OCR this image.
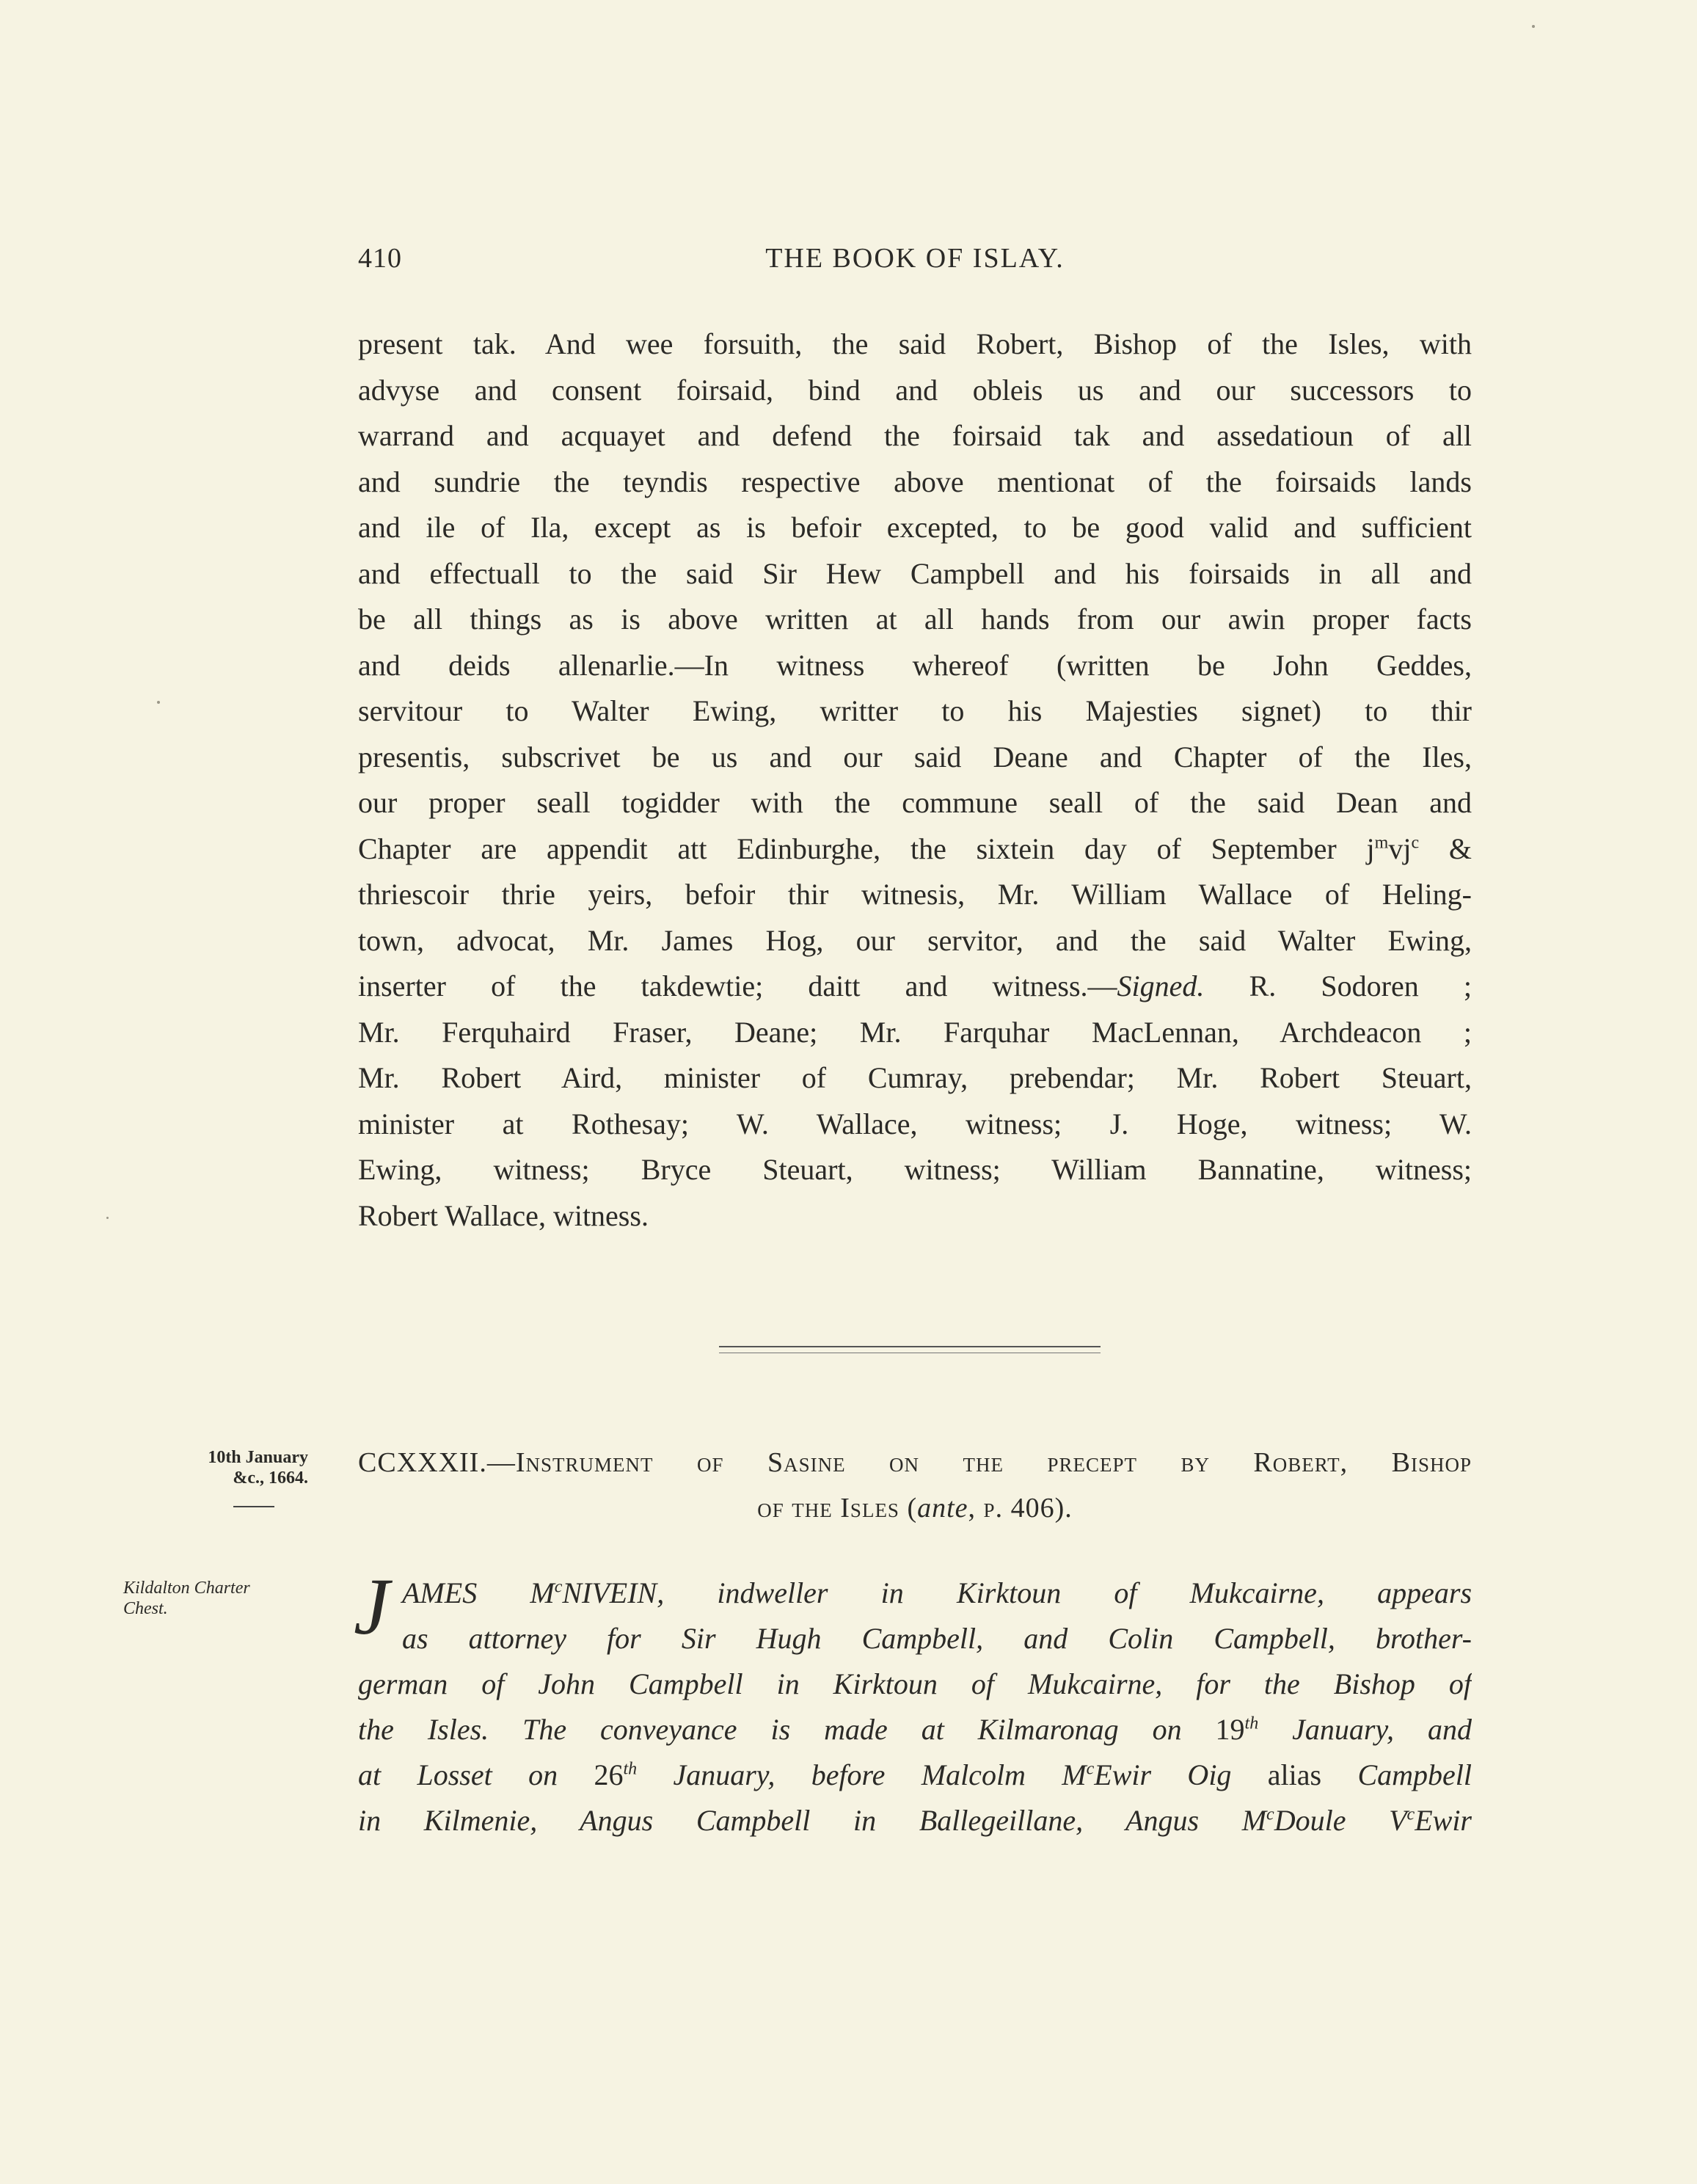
410	THE BOOK OF ISLAY.
present tak. And wee forsuith, the said Robert, Bishop of the Isles, with
advyse and consent foirsaid, bind and obleis us and our successors to
warrand and acquayet and defend the foirsaid tak and assedatioun of all
and sundrie the teyndis respective above mentionat of the foirsaids lands
and ile of Ila, except as is befoir excepted, to be good valid and sufficient
and effectuall to the said Sir Hew Campbell and his foirsaids in all and
be all things as is above written at all hands from our awin proper facts
and deids allenarlie.—In witness whereof (written be John Geddes,
servitour to Walter Ewing, writter to his Majesties signet) to thir
presentis, subscrivet be us and our said Deane and Chapter of the Iles,
our proper seall togidder with the commune seall of the said Dean and
Chapter are appendit att Edinburghe, the sixtein day of September $j^mvj^c$ &
thriescoir thrie yeirs, befoir thir witnesis, Mr. William Wallace of Heling-
town, advocat, Mr. James Hog, our servitor, and the said Walter Ewing,
inserter of the takdewtie; daitt and witness.—Signed. R. Sodoren ;
Mr. Ferquhaird Fraser, Deane; Mr. Farquhar MacLennan, Archdeacon ;
Mr. Robert Aird, minister of Cumray, prebendar; Mr. Robert Steuart,
minister at Rothesay; W. Wallace, witness; J. Hoge, witness; W.
Ewing, witness; Bryce Steuart, witness; William Bannatine, witness;
Robert Wallace, witness.
10th January
&c., 1664.
Kildalton Charter
Chest.
CCXXXII.—Instrument of Sasine on the precept by Robert, Bishop
of the Isles (ante, p. 406).
J AMES $M^cNIVEIN$, indweller in Kirktoun of Mukcairne, appears
as attorney for Sir Hugh Campbell, and Colin Campbell, brother-
german of John Campbell in Kirktoun of Mukcairne, for the Bishop of
the Isles. The conveyance is made at Kilmaronag on 19th January, and
at Losset on 26th January, before Malcolm $M^cEwir$ Oig alias Campbell
in Kilmenie, Angus Campbell in Ballegeillane, Angus $M^cDoule$ $V^cEwir$
